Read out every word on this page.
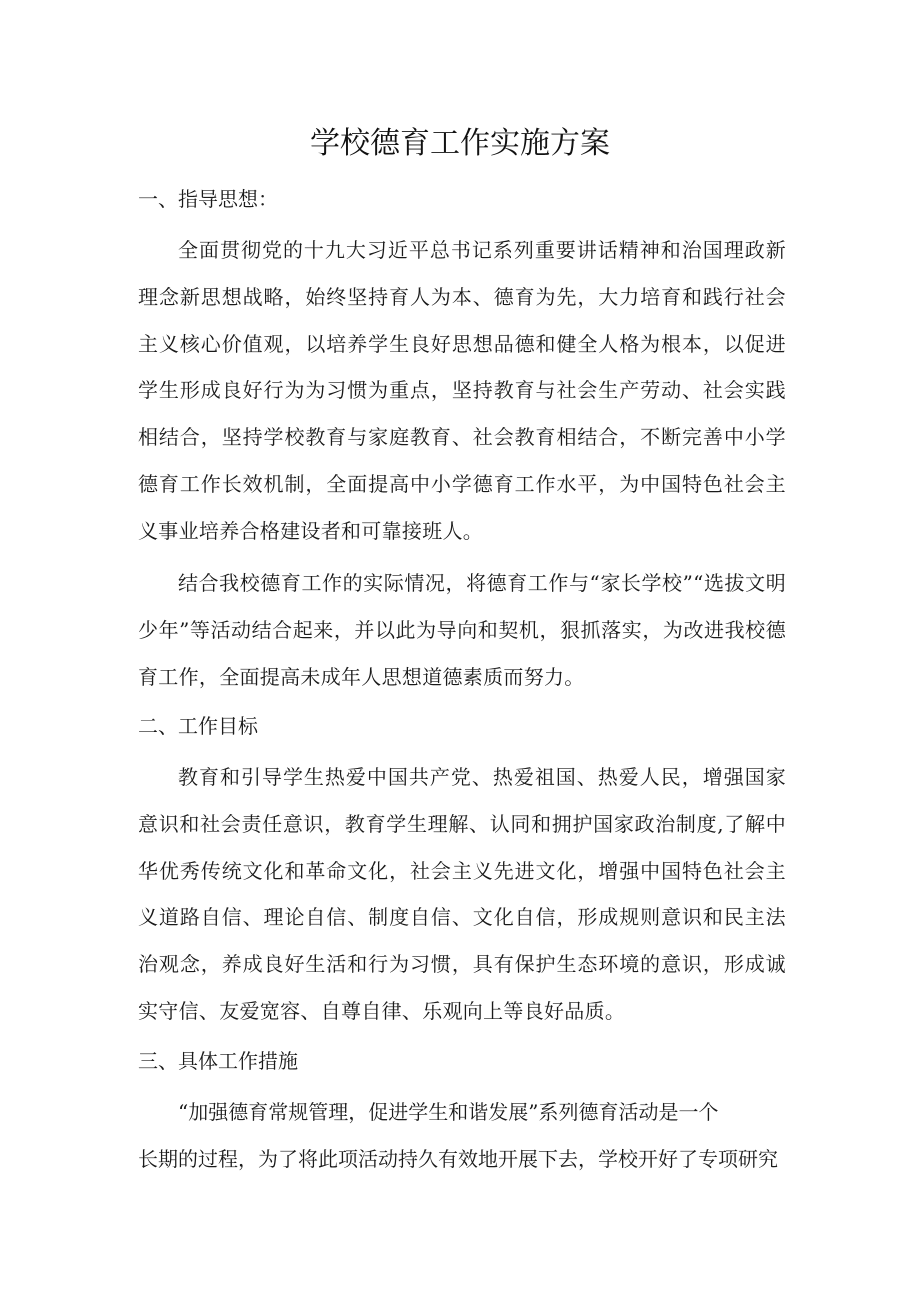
学校德育工作实施方案
一、指导思想：
全面贯彻党的十九大习近平总书记系列重要讲话精神和治国理政新理念新思想战略，始终坚持育人为本、德育为先，大力培育和践行社会主义核心价值观，以培养学生良好思想品德和健全人格为根本，以促进学生形成良好行为为习惯为重点，坚持教育与社会生产劳动、社会实践相结合，坚持学校教育与家庭教育、社会教育相结合，不断完善中小学德育工作长效机制，全面提高中小学德育工作水平，为中国特色社会主义事业培养合格建设者和可靠接班人。
结合我校德育工作的实际情况，将德育工作与“家长学校”“选拔文明少年”等活动结合起来，并以此为导向和契机，狠抓落实，为改进我校德育工作，全面提高未成年人思想道德素质而努力。
二、工作目标
教育和引导学生热爱中国共产党、热爱祖国、热爱人民，增强国家意识和社会责任意识，教育学生理解、认同和拥护国家政治制度,了解中华优秀传统文化和革命文化，社会主义先进文化，增强中国特色社会主义道路自信、理论自信、制度自信、文化自信，形成规则意识和民主法治观念，养成良好生活和行为习惯，具有保护生态环境的意识，形成诚实守信、友爱宽容、自尊自律、乐观向上等良好品质。
三、具体工作措施
“加强德育常规管理，促进学生和谐发展”系列德育活动是一个
长期的过程，为了将此项活动持久有效地开展下去，学校开好了专项研究
